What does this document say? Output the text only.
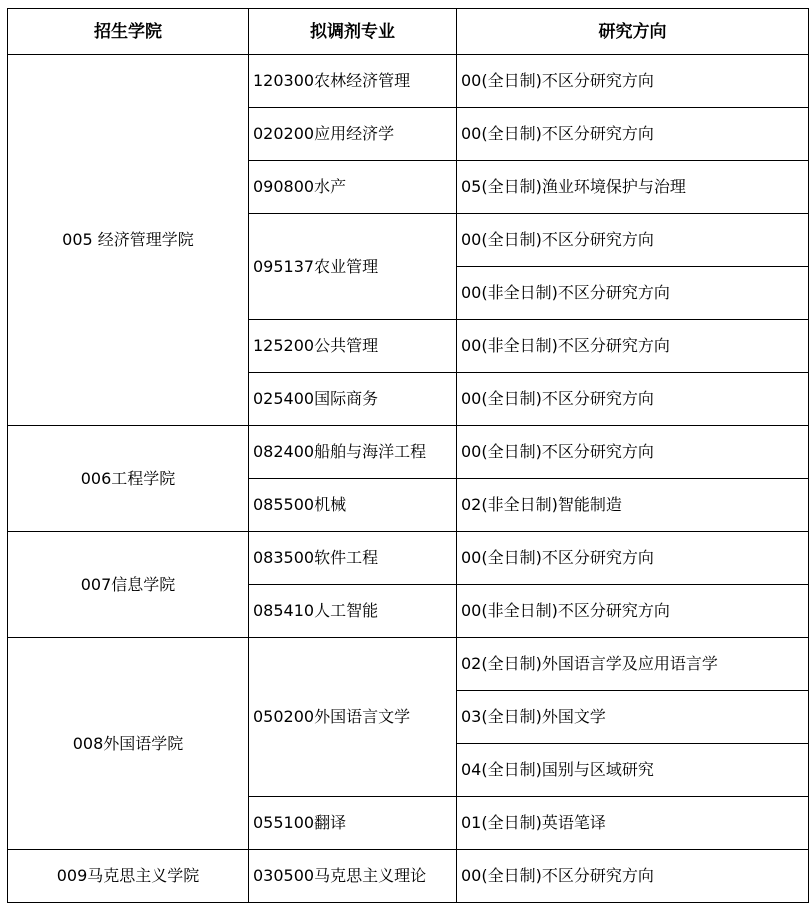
招生学院	拟调剂专业	研究方向
005 经济管理学院	120300农林经济管理	00(全日制)不区分研究方向
	020200应用经济学	00(全日制)不区分研究方向
	090800水产	05(全日制)渔业环境保护与治理
	095137农业管理	00(全日制)不区分研究方向
		00(非全日制)不区分研究方向
	125200公共管理	00(非全日制)不区分研究方向
	025400国际商务	00(全日制)不区分研究方向
006工程学院	082400船舶与海洋工程	00(全日制)不区分研究方向
	085500机械	02(非全日制)智能制造
007信息学院	083500软件工程	00(全日制)不区分研究方向
	085410人工智能	00(非全日制)不区分研究方向
008外国语学院	050200外国语言文学	02(全日制)外国语言学及应用语言学
		03(全日制)外国文学
		04(全日制)国别与区域研究
	055100翻译	01(全日制)英语笔译
009马克思主义学院	030500马克思主义理论	00(全日制)不区分研究方向
